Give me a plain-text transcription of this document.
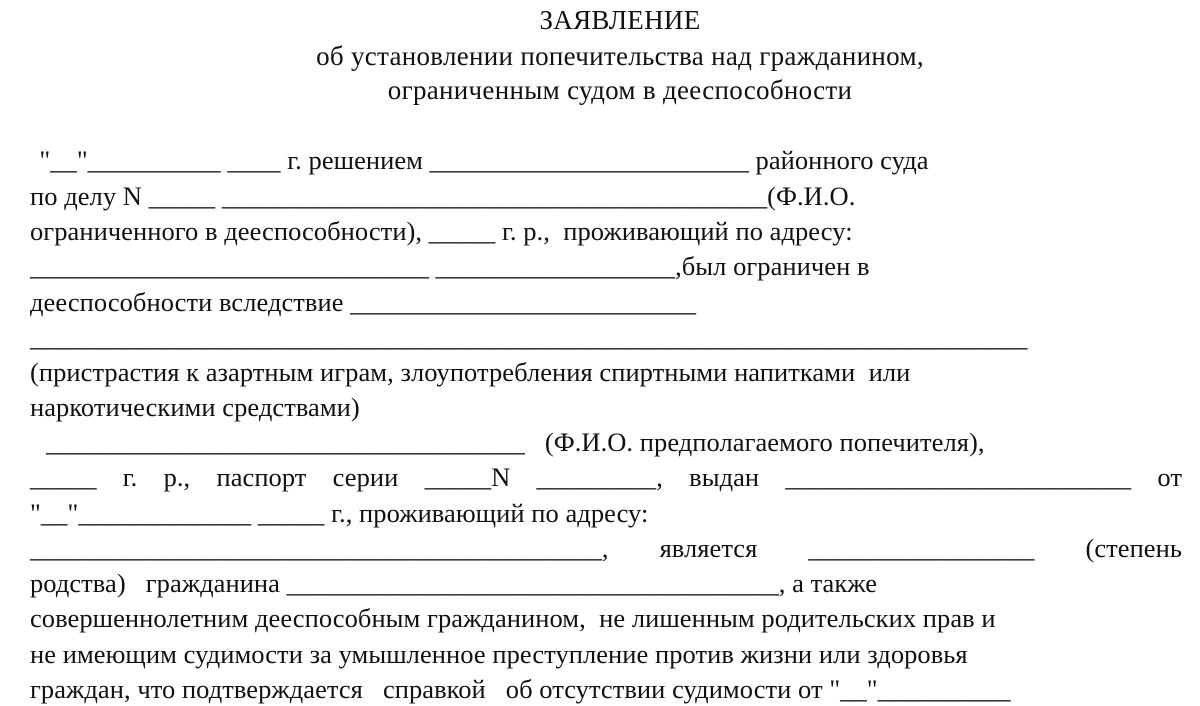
ЗАЯВЛЕНИЕ
об установлении попечительства над гражданином,
ограниченным судом в дееспособности
"__"__________ ____ г. решением ________________________ районного суда
по делу N _____ _________________________________________(Ф.И.О.
ограниченного в дееспособности), _____ г. р.,  проживающий по адресу:
______________________________ __________________,был ограничен в
дееспособности вследствие __________________________
___________________________________________________________________________
(пристрастия к азартным играм, злоупотребления спиртными напитками  или
наркотическими средствами)
____________________________________   (Ф.И.О. предполагаемого попечителя),
_____ г. р., паспорт серии _____N _________, выдан __________________________ от
"__"_____________ _____ г., проживающий по адресу:
___________________________________________, является _________________ (степень
родства)   гражданина _____________________________________, а также
совершеннолетним дееспособным гражданином,  не лишенным родительских прав и
не имеющим судимости за умышленное преступление против жизни или здоровья
граждан, что подтверждается   справкой   об отсутствии судимости от "__"__________
